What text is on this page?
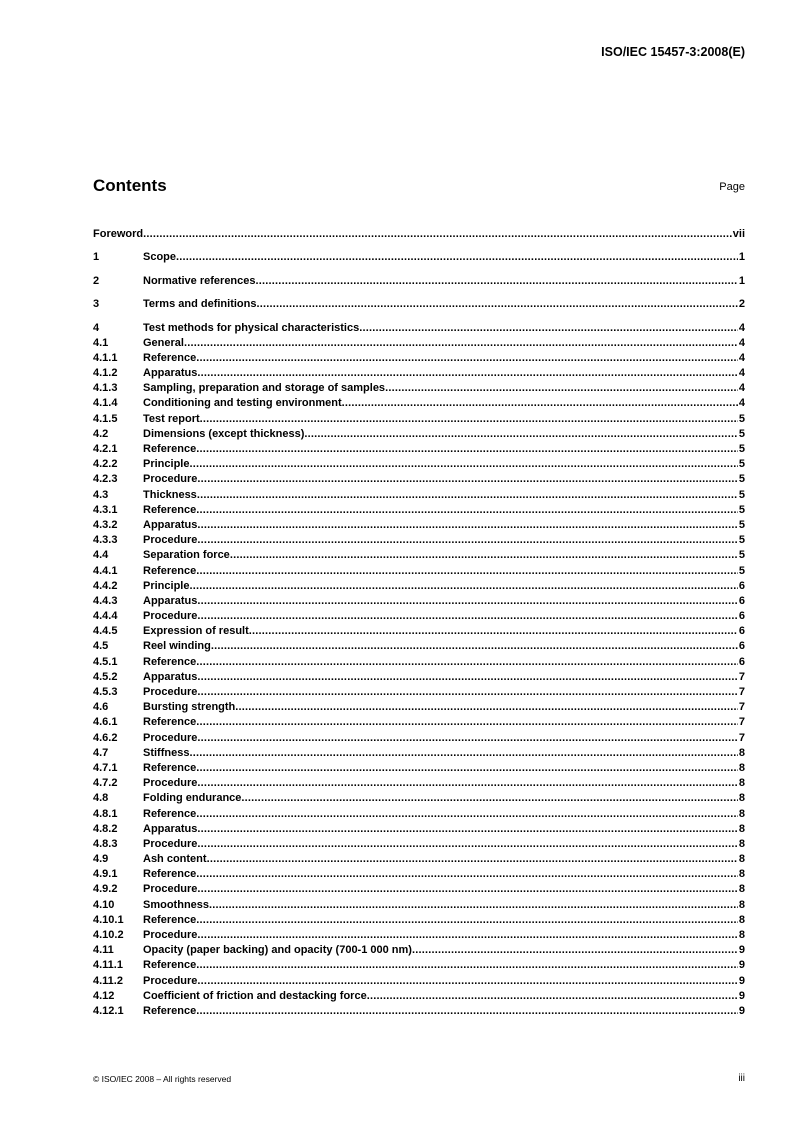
ISO/IEC 15457-3:2008(E)
Contents	Page
Foreword .....	vii
1	Scope .....	1
2	Normative references .....	1
3	Terms and definitions .....	2
4	Test methods for physical characteristics .....	4
4.1	General .....	4
4.1.1	Reference .....	4
4.1.2	Apparatus .....	4
4.1.3	Sampling, preparation and storage of samples .....	4
4.1.4	Conditioning and testing environment .....	4
4.1.5	Test report .....	5
4.2	Dimensions (except thickness) .....	5
4.2.1	Reference .....	5
4.2.2	Principle .....	5
4.2.3	Procedure .....	5
4.3	Thickness .....	5
4.3.1	Reference .....	5
4.3.2	Apparatus .....	5
4.3.3	Procedure .....	5
4.4	Separation force .....	5
4.4.1	Reference .....	5
4.4.2	Principle .....	6
4.4.3	Apparatus .....	6
4.4.4	Procedure .....	6
4.4.5	Expression of result .....	6
4.5	Reel winding .....	6
4.5.1	Reference .....	6
4.5.2	Apparatus .....	7
4.5.3	Procedure .....	7
4.6	Bursting strength .....	7
4.6.1	Reference .....	7
4.6.2	Procedure .....	7
4.7	Stiffness .....	8
4.7.1	Reference .....	8
4.7.2	Procedure .....	8
4.8	Folding endurance .....	8
4.8.1	Reference .....	8
4.8.2	Apparatus .....	8
4.8.3	Procedure .....	8
4.9	Ash content .....	8
4.9.1	Reference .....	8
4.9.2	Procedure .....	8
4.10	Smoothness .....	8
4.10.1	Reference .....	8
4.10.2	Procedure .....	8
4.11	Opacity (paper backing) and opacity (700-1 000 nm) .....	9
4.11.1	Reference .....	9
4.11.2	Procedure .....	9
4.12	Coefficient of friction and destacking force .....	9
4.12.1	Reference .....	9
© ISO/IEC 2008 – All rights reserved	iii
